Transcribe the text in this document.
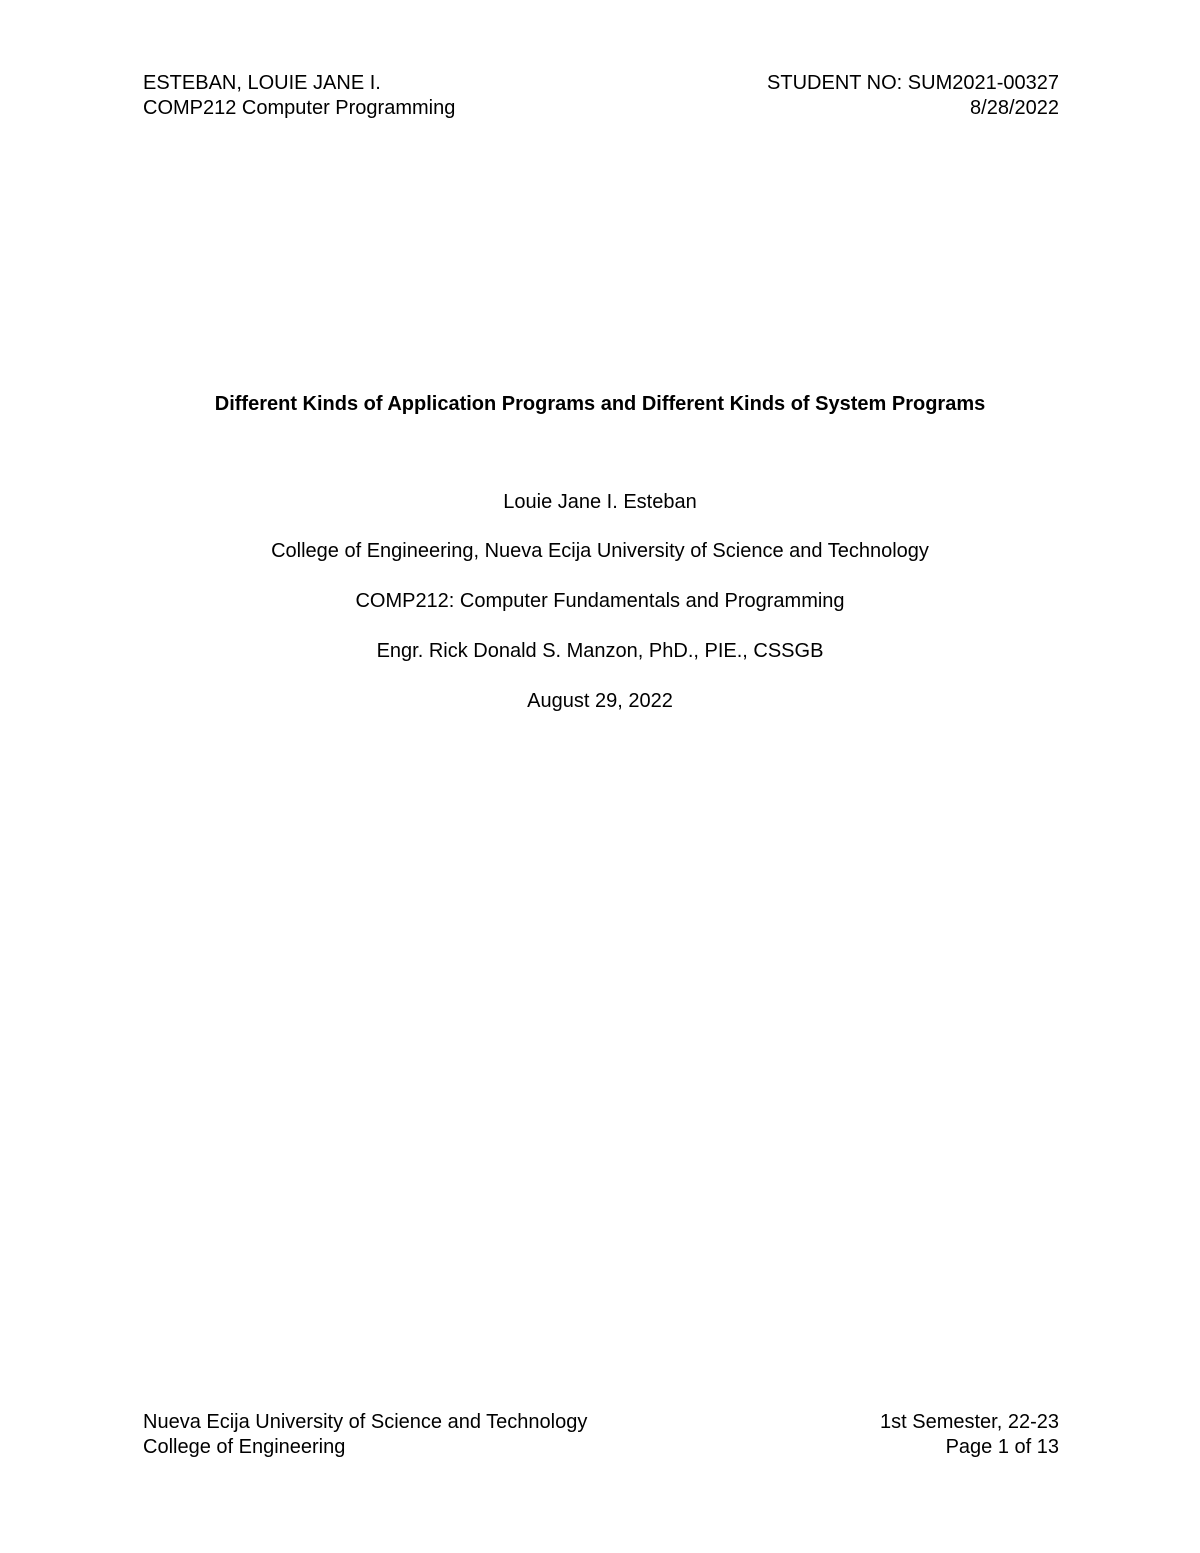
ESTEBAN, LOUIE JANE I.
COMP212 Computer Programming
STUDENT NO: SUM2021-00327
8/28/2022
Different Kinds of Application Programs and Different Kinds of System Programs
Louie Jane I. Esteban
College of Engineering, Nueva Ecija University of Science and Technology
COMP212: Computer Fundamentals and Programming
Engr. Rick Donald S. Manzon, PhD., PIE., CSSGB
August 29, 2022
Nueva Ecija University of Science and Technology
College of Engineering
1st Semester, 22-23
Page 1 of 13
